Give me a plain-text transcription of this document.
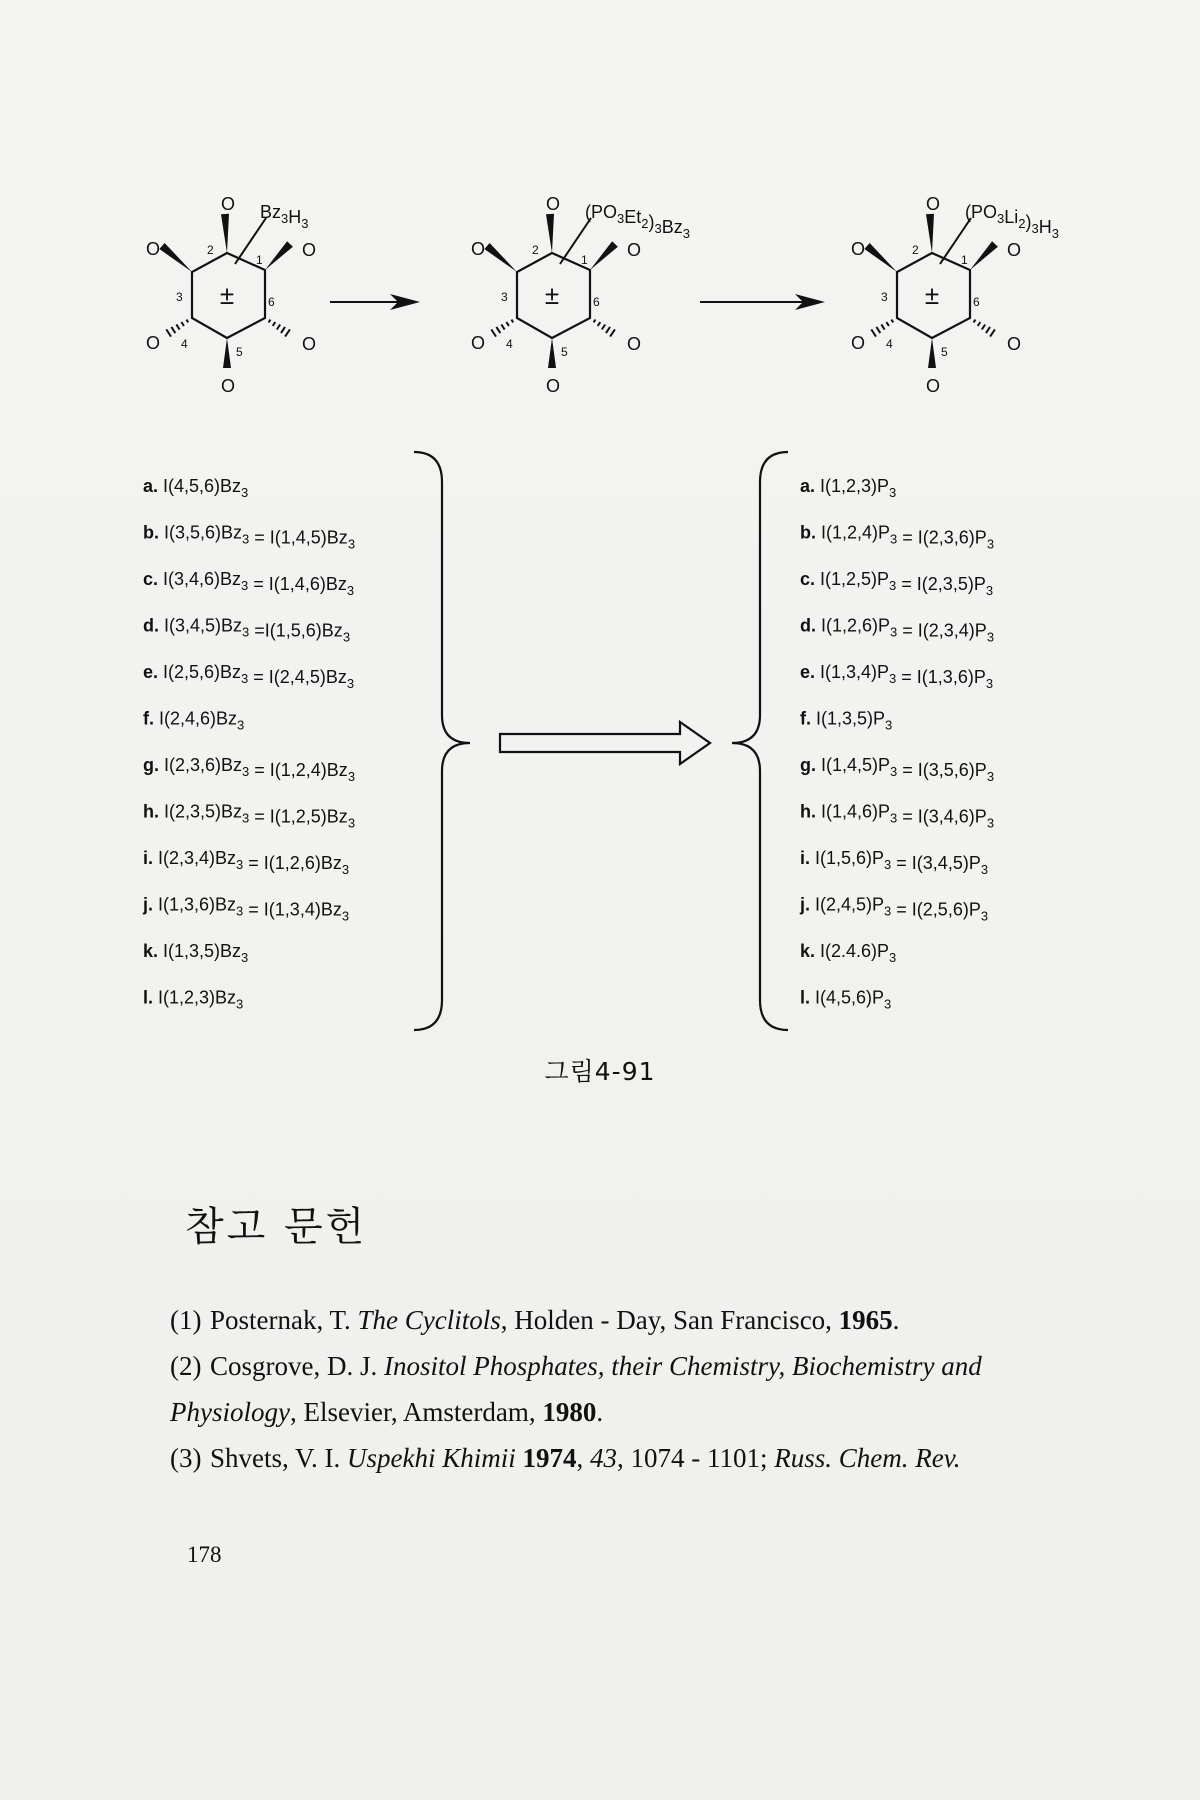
O
O
O
O	O
O
1
2
3
4
5
6
±
$Bz_3H_3$
O
O
O
O	O
O
1
2
3
4
5
6
±
$(PO_3Et_2)_3Bz_3$
O
O
O
O	O
O
1
2
3
4
5
6
±
$(PO_3Li_2)_3H_3$
a. $I(4,5,6)Bz_3$
b. $I(3,5,6)Bz_3 = I(1,4,5)Bz_3$
c. $I(3,4,6)Bz_3 = I(1,4,6)Bz_3$
d. $I(3,4,5)Bz_3 =I(1,5,6)Bz_3$
e. $I(2,5,6)Bz_3 = I(2,4,5)Bz_3$
f. $I(2,4,6)Bz_3$
g. $I(2,3,6)Bz_3 = I(1,2,4)Bz_3$
h. $I(2,3,5)Bz_3 = I(1,2,5)Bz_3$
i. $I(2,3,4)Bz_3 = I(1,2,6)Bz_3$
j. $I(1,3,6)Bz_3 = I(1,3,4)Bz_3$
k. $I(1,3,5)Bz_3$
l. $I(1,2,3)Bz_3$
a. $I(1,2,3)P_3$
b. $I(1,2,4)P_3 = I(2,3,6)P_3$
c. $I(1,2,5)P_3 = I(2,3,5)P_3$
d. $I(1,2,6)P_3 = I(2,3,4)P_3$
e. $I(1,3,4)P_3 = I(1,3,6)P_3$
f. $I(1,3,5)P_3$
g. $I(1,4,5)P_3 = I(3,5,6)P_3$
h. $I(1,4,6)P_3 = I(3,4,6)P_3$
i. $I(1,5,6)P_3 = I(3,4,5)P_3$
j. $I(2,4,5)P_3 = I(2,5,6)P_3$
k. $I(2.4.6)P_3$
l. $I(4,5,6)P_3$
그림4-91
참고 문헌

(1) Posternak, T. The Cyclitols, Holden - Day, San Francisco, 1965.

(2) Cosgrove, D. J. Inositol Phosphates, their Chemistry, Biochemistry and

Physiology, Elsevier, Amsterdam, 1980.

(3) Shvets, V. I. Uspekhi Khimii 1974, 43, 1074 - 1101; Russ. Chem. Rev.

178
